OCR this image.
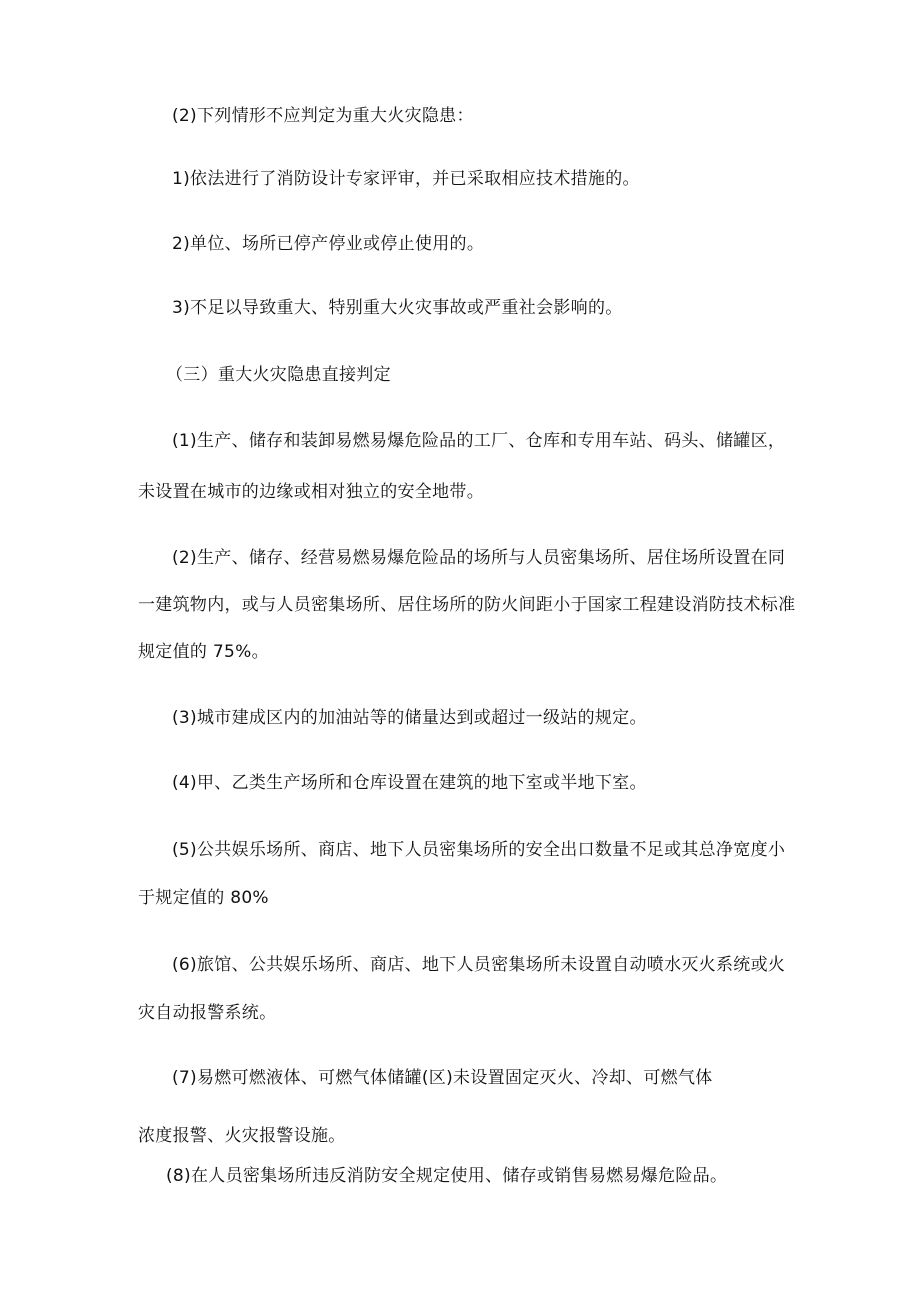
(2)下列情形不应判定为重大火灾隐患：
1)依法进行了消防设计专家评审，并已采取相应技术措施的。
2)单位、场所已停产停业或停止使用的。
3)不足以导致重大、特别重大火灾事故或严重社会影响的。
（三）重大火灾隐患直接判定
(1)生产、储存和装卸易燃易爆危险品的工厂、仓库和专用车站、码头、储罐区，
未设置在城市的边缘或相对独立的安全地带。
(2)生产、储存、经营易燃易爆危险品的场所与人员密集场所、居住场所设置在同
一建筑物内，或与人员密集场所、居住场所的防火间距小于国家工程建设消防技术标准
规定值的 75%。
(3)城市建成区内的加油站等的储量达到或超过一级站的规定。
(4)甲、乙类生产场所和仓库设置在建筑的地下室或半地下室。
(5)公共娱乐场所、商店、地下人员密集场所的安全出口数量不足或其总净宽度小
于规定值的 80%
(6)旅馆、公共娱乐场所、商店、地下人员密集场所未设置自动喷水灭火系统或火
灾自动报警系统。
(7)易燃可燃液体、可燃气体储罐(区)未设置固定灭火、冷却、可燃气体
浓度报警、火灾报警设施。
(8)在人员密集场所违反消防安全规定使用、储存或销售易燃易爆危险品。
